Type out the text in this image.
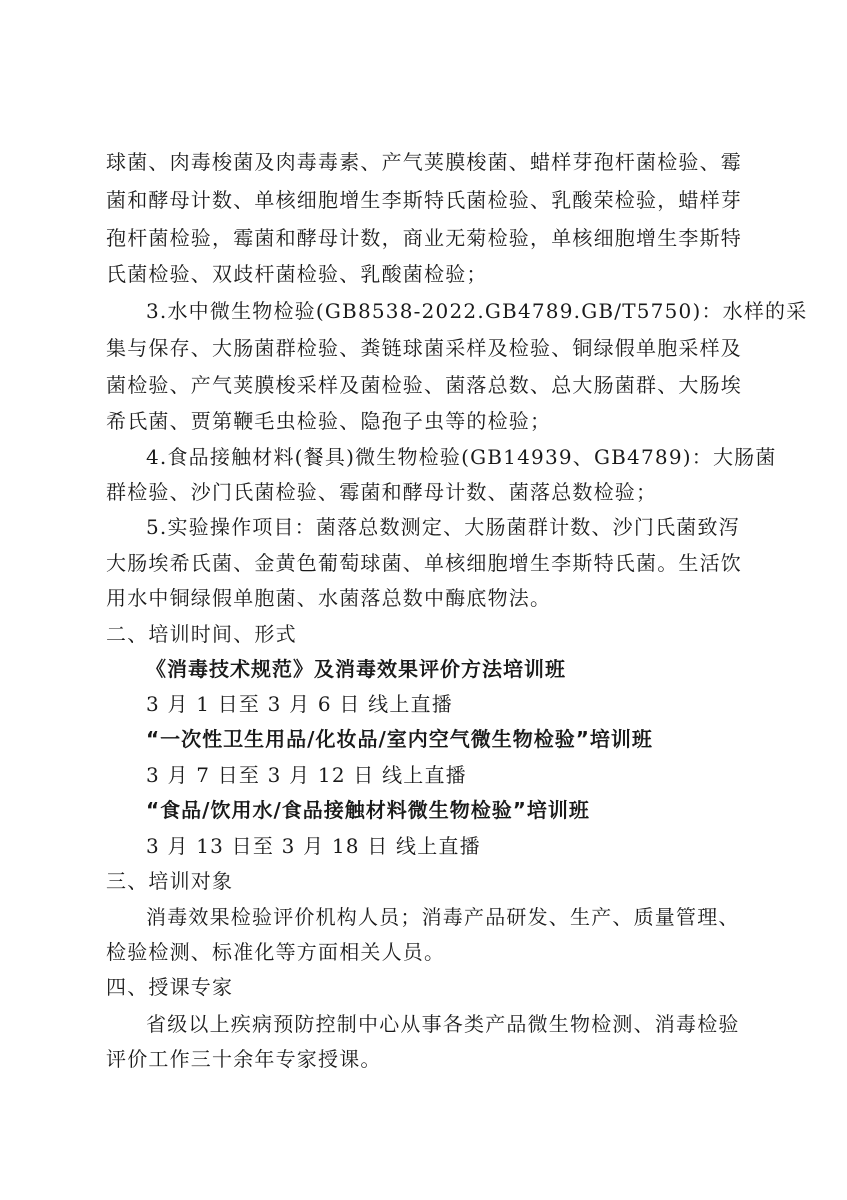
球菌、肉毒梭菌及肉毒毒素、产气荚膜梭菌、蜡样芽孢杆菌检验、霉
菌和酵母计数、单核细胞增生李斯特氏菌检验、乳酸荣检验，蜡样芽
孢杆菌检验，霉菌和酵母计数，商业无菊检验，单核细胞增生李斯特
氏菌检验、双歧杆菌检验、乳酸菌检验；
3.水中微生物检验(GB8538-2022.GB4789.GB/T5750)：水样的采
集与保存、大肠菌群检验、粪链球菌采样及检验、铜绿假单胞采样及
菌检验、产气荚膜梭采样及菌检验、菌落总数、总大肠菌群、大肠埃
希氏菌、贾第鞭毛虫检验、隐孢子虫等的检验；
4.食品接触材料(餐具)微生物检验(GB14939、GB4789)：大肠菌
群检验、沙门氏菌检验、霉菌和酵母计数、菌落总数检验；
5.实验操作项目：菌落总数测定、大肠菌群计数、沙门氏菌致泻
大肠埃希氏菌、金黄色葡萄球菌、单核细胞增生李斯特氏菌。生活饮
用水中铜绿假单胞菌、水菌落总数中酶底物法。
二、培训时间、形式
《消毒技术规范》及消毒效果评价方法培训班
3 月 1 日至 3 月 6 日 线上直播
“一次性卫生用品/化妆品/室内空气微生物检验”培训班
3 月 7 日至 3 月 12 日 线上直播
“食品/饮用水/食品接触材料微生物检验”培训班
3 月 13 日至 3 月 18 日 线上直播
三、培训对象
消毒效果检验评价机构人员；消毒产品研发、生产、质量管理、
检验检测、标准化等方面相关人员。
四、授课专家
省级以上疾病预防控制中心从事各类产品微生物检测、消毒检验
评价工作三十余年专家授课。
